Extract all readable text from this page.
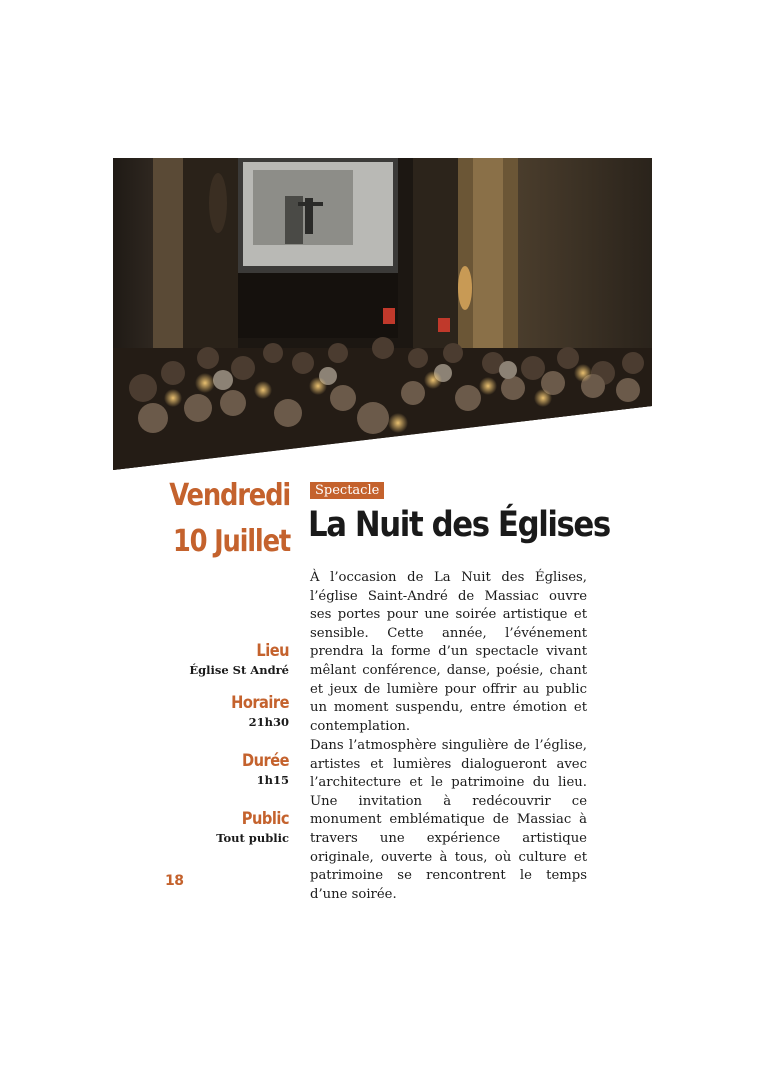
Vendredi
10 Juillet
Spectacle
La Nuit des Églises
Lieu
Église St André
Horaire
21h30
Durée
1h15
Public
Tout public

À l’occasion de La Nuit des Églises, l’église Saint-André de Massiac ouvre ses portes pour une soirée artistique et sensible. Cette année, l’événement prendra la forme d’un spectacle vivant mêlant conférence, danse, poésie, chant et jeux de lumière pour offrir au public un moment suspendu, entre émotion et contemplation.

Dans l’atmosphère singulière de l’église, artistes et lumières dialogueront avec l’architecture et le patrimoine du lieu. Une invitation à redécouvrir ce monument emblématique de Massiac à travers une expérience artistique originale, ouverte à tous, où culture et patrimoine se rencontrent le temps d’une soirée.

18
